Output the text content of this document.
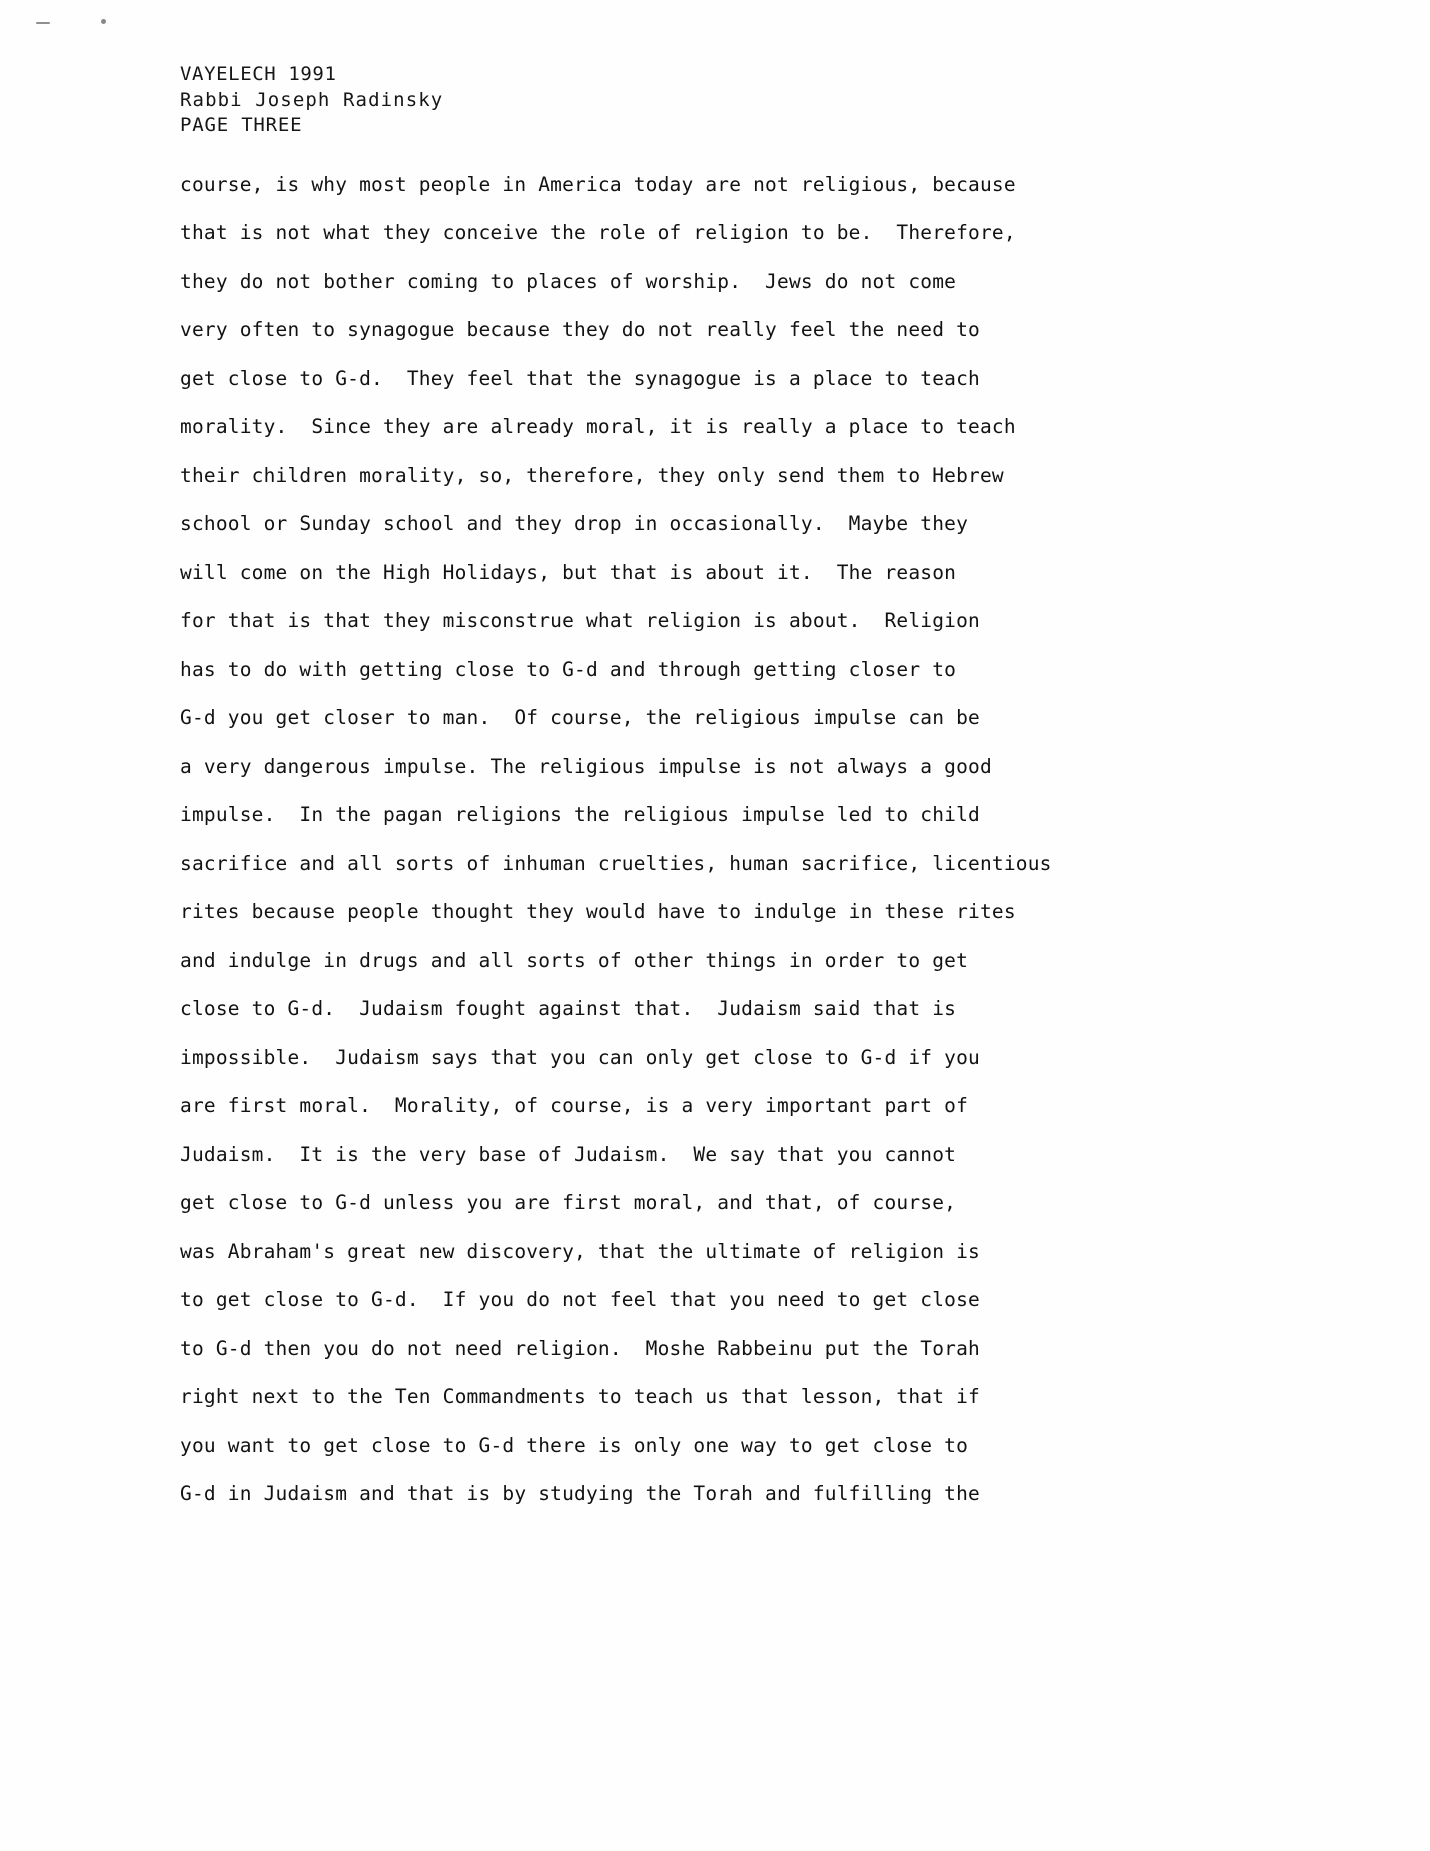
VAYELECH 1991
Rabbi Joseph Radinsky
PAGE THREE
course, is why most people in America today are not religious, because
that is not what they conceive the role of religion to be.  Therefore,
they do not bother coming to places of worship.  Jews do not come
very often to synagogue because they do not really feel the need to
get close to G-d.  They feel that the synagogue is a place to teach
morality.  Since they are already moral, it is really a place to teach
their children morality, so, therefore, they only send them to Hebrew
school or Sunday school and they drop in occasionally.  Maybe they
will come on the High Holidays, but that is about it.  The reason
for that is that they misconstrue what religion is about.  Religion
has to do with getting close to G-d and through getting closer to
G-d you get closer to man.  Of course, the religious impulse can be
a very dangerous impulse. The religious impulse is not always a good
impulse.  In the pagan religions the religious impulse led to child
sacrifice and all sorts of inhuman cruelties, human sacrifice, licentious
rites because people thought they would have to indulge in these rites
and indulge in drugs and all sorts of other things in order to get
close to G-d.  Judaism fought against that.  Judaism said that is
impossible.  Judaism says that you can only get close to G-d if you
are first moral.  Morality, of course, is a very important part of
Judaism.  It is the very base of Judaism.  We say that you cannot
get close to G-d unless you are first moral, and that, of course,
was Abraham's great new discovery, that the ultimate of religion is
to get close to G-d.  If you do not feel that you need to get close
to G-d then you do not need religion.  Moshe Rabbeinu put the Torah
right next to the Ten Commandments to teach us that lesson, that if
you want to get close to G-d there is only one way to get close to
G-d in Judaism and that is by studying the Torah and fulfilling the
